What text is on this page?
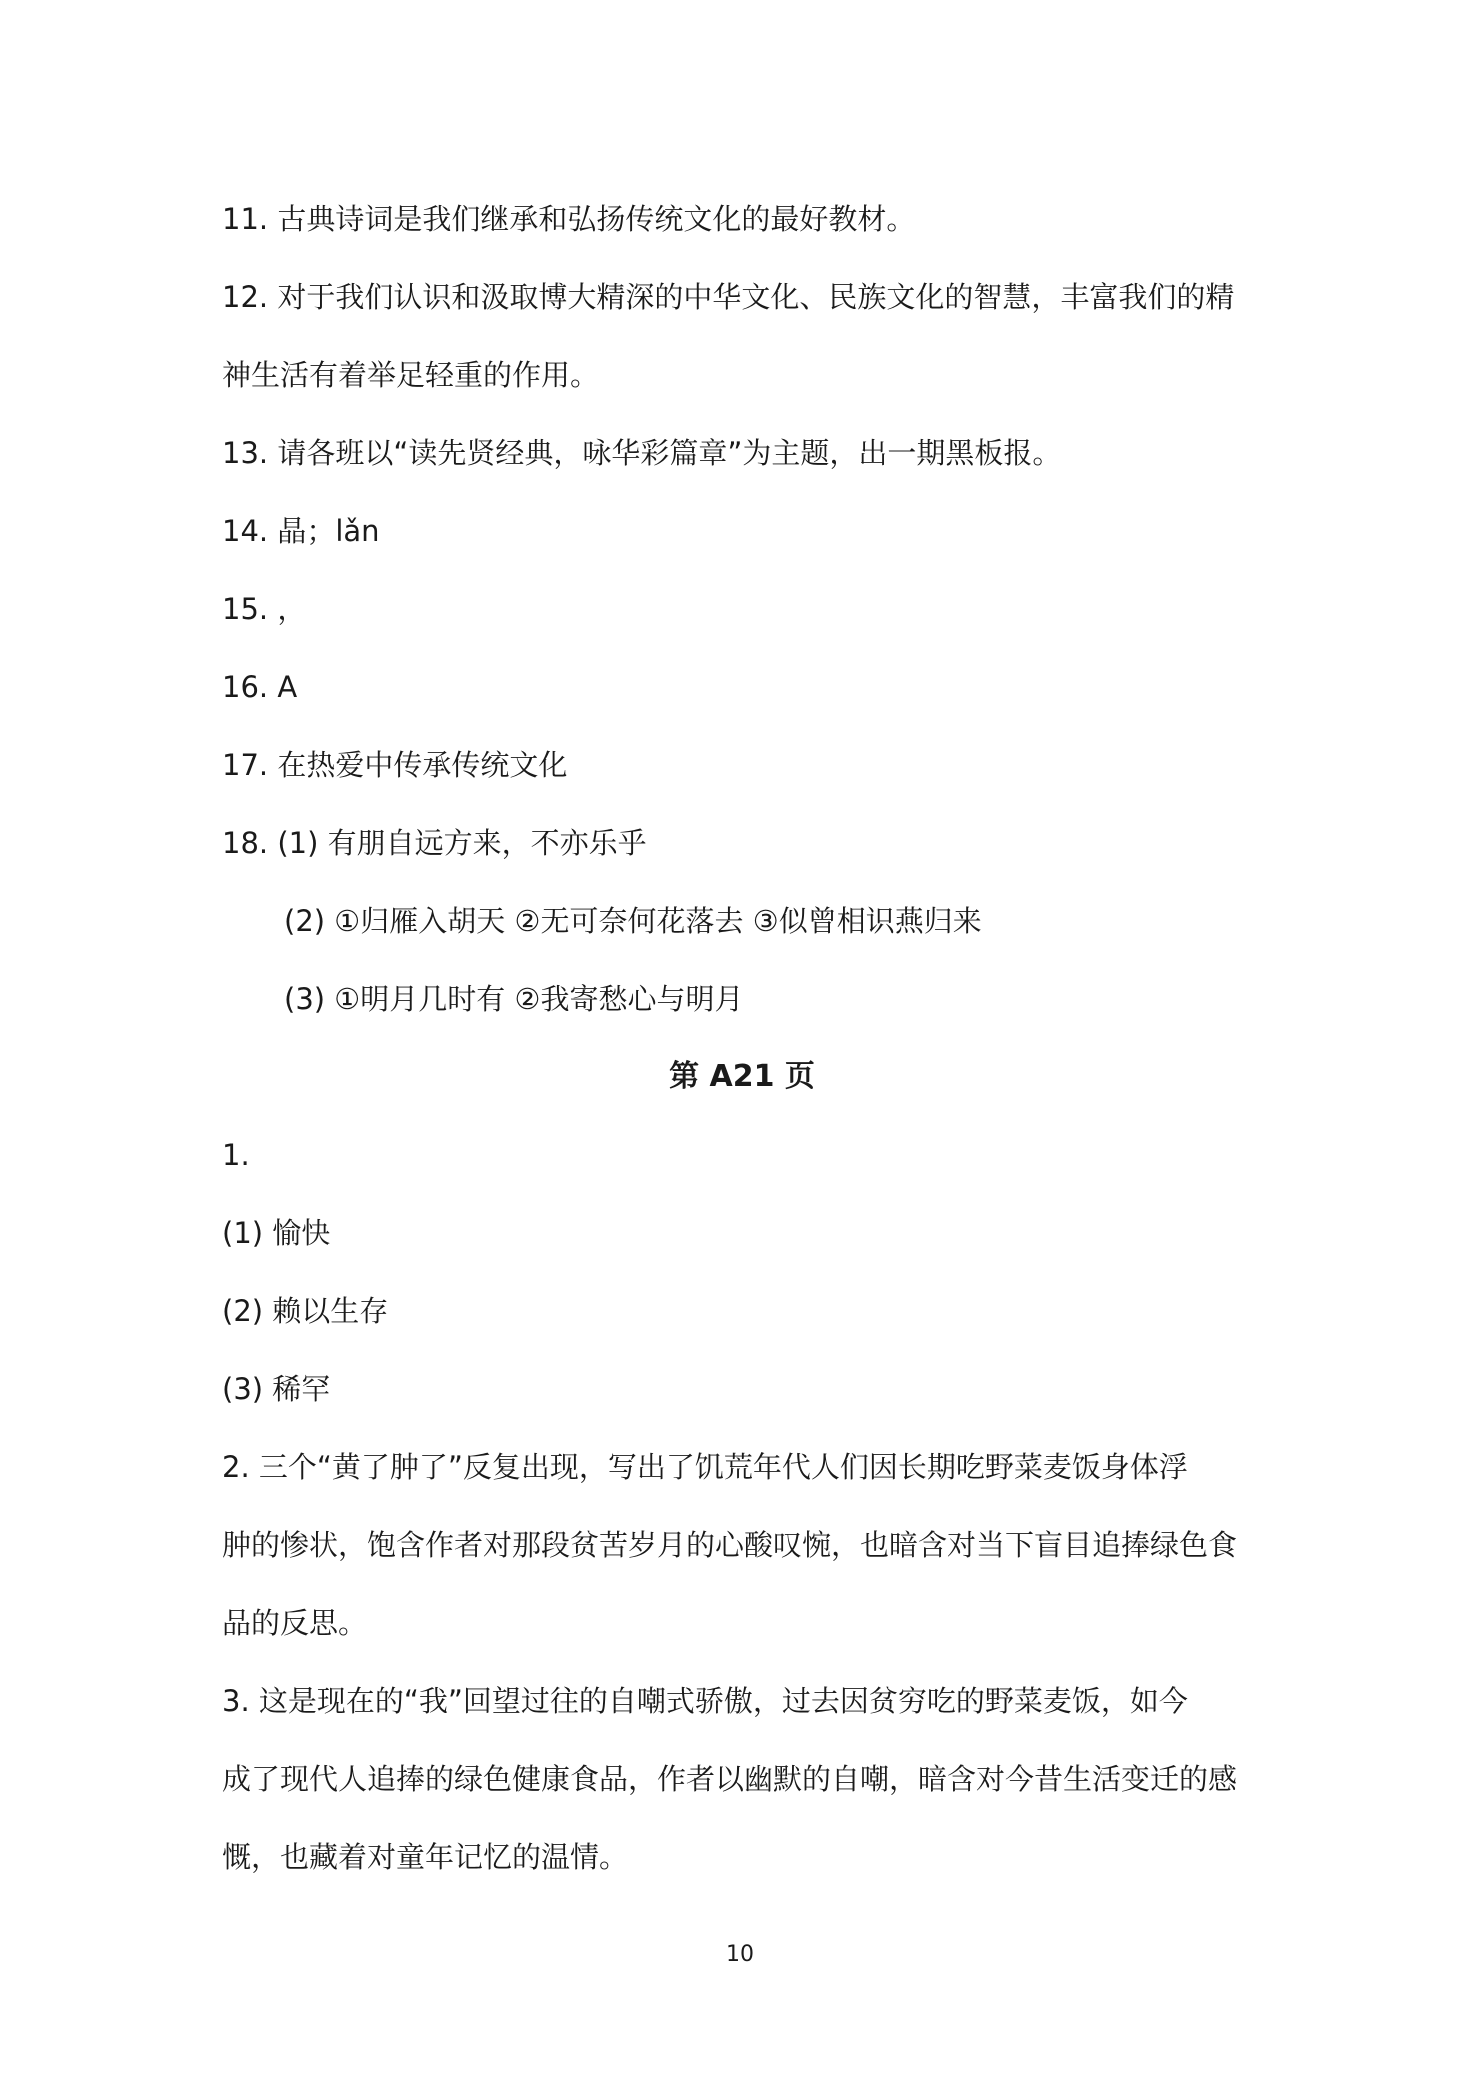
11. 古典诗词是我们继承和弘扬传统文化的最好教材。
12. 对于我们认识和汲取博大精深的中华文化、民族文化的智慧，丰富我们的精
神生活有着举足轻重的作用。
13. 请各班以“读先贤经典，咏华彩篇章”为主题，出一期黑板报。
14. 晶；lǎn
15. ，
16. A
17. 在热爱中传承传统文化
18. (1) 有朋自远方来，不亦乐乎
(2) ①归雁入胡天 ②无可奈何花落去 ③似曾相识燕归来
(3) ①明月几时有 ②我寄愁心与明月
第 A21 页
1.
(1) 愉快
(2) 赖以生存
(3) 稀罕
2. 三个“黄了肿了”反复出现，写出了饥荒年代人们因长期吃野菜麦饭身体浮
肿的惨状，饱含作者对那段贫苦岁月的心酸叹惋，也暗含对当下盲目追捧绿色食
品的反思。
3. 这是现在的“我”回望过往的自嘲式骄傲，过去因贫穷吃的野菜麦饭，如今
成了现代人追捧的绿色健康食品，作者以幽默的自嘲，暗含对今昔生活变迁的感
慨，也藏着对童年记忆的温情。
10
